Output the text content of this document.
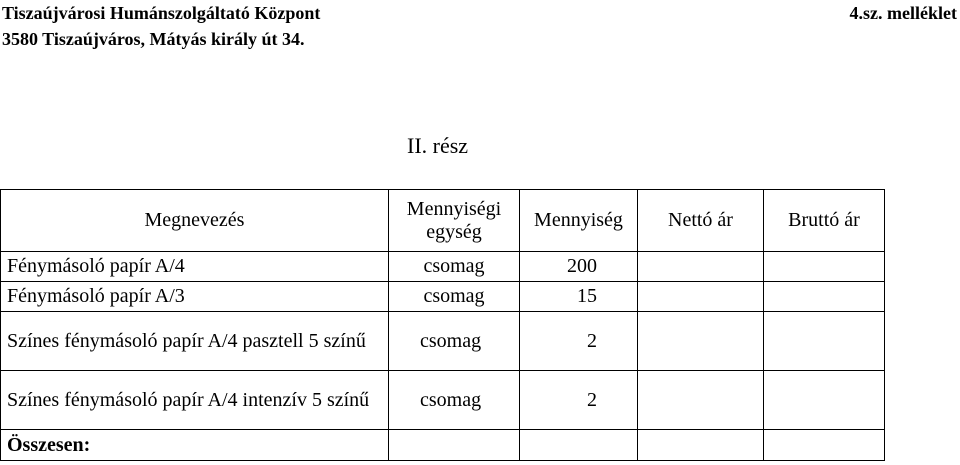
Tiszaújvárosi Humánszolgáltató Központ
3580 Tiszaújváros, Mátyás király út 34.
4.sz. melléklet
II. rész
Megnevezés	Mennyiségi egység	Mennyiség	Nettó ár	Bruttó ár
Fénymásoló papír A/4	csomag	200		
Fénymásoló papír A/3	csomag	15		
Színes fénymásoló papír A/4 pasztell 5 színű	csomag	2		
Színes fénymásoló papír A/4 intenzív 5 színű	csomag	2		
Összesen:				
